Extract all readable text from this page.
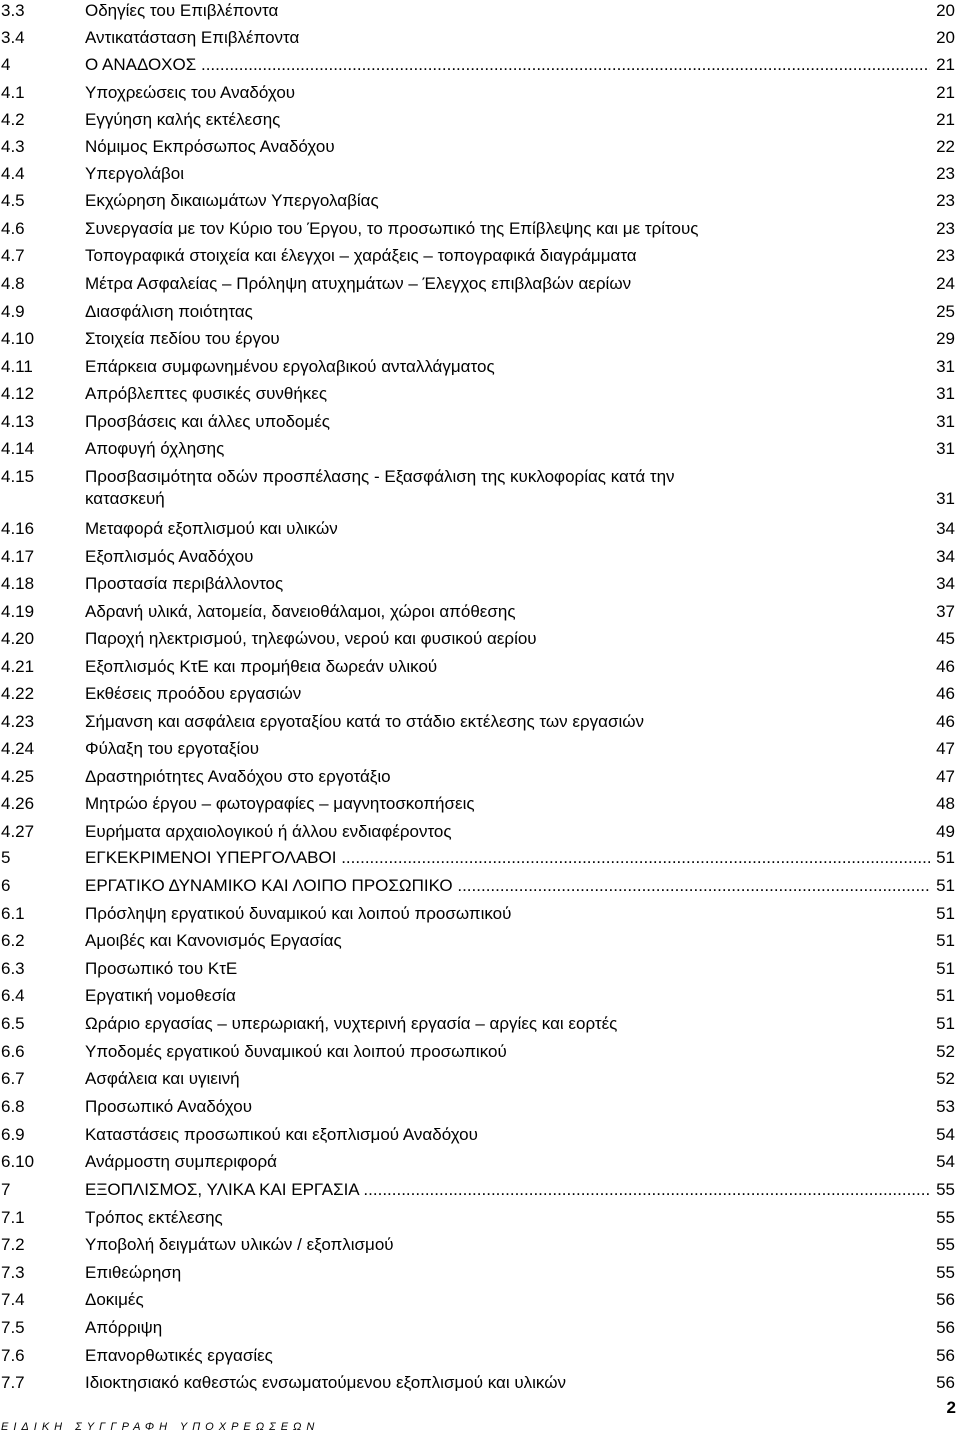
3.3	Οδηγίες του Επιβλέποντα	20
3.4	Αντικατάσταση Επιβλέποντα	20
4	Ο ΑΝΑΔΟΧΟΣ .....	21
4.1	Υποχρεώσεις του Αναδόχου	21
4.2	Εγγύηση καλής εκτέλεσης	21
4.3	Νόμιμος Εκπρόσωπος Αναδόχου	22
4.4	Υπεργολάβοι	23
4.5	Εκχώρηση δικαιωμάτων Υπεργολαβίας	23
4.6	Συνεργασία με τον Κύριο του Έργου, το προσωπικό της Επίβλεψης και με τρίτους	23
4.7	Τοπογραφικά στοιχεία και έλεγχοι – χαράξεις – τοπογραφικά διαγράμματα	23
4.8	Μέτρα Ασφαλείας – Πρόληψη ατυχημάτων – Έλεγχος επιβλαβών αερίων	24
4.9	Διασφάλιση ποιότητας	25
4.10	Στοιχεία πεδίου του έργου	29
4.11	Επάρκεια συμφωνημένου εργολαβικού ανταλλάγματος	31
4.12	Απρόβλεπτες φυσικές συνθήκες	31
4.13	Προσβάσεις και άλλες υποδομές	31
4.14	Αποφυγή όχλησης	31
4.15	Προσβασιμότητα οδών προσπέλασης - Εξασφάλιση της κυκλοφορίας κατά την
κατασκευή	31
4.16	Μεταφορά εξοπλισμού και υλικών	34
4.17	Εξοπλισμός Αναδόχου	34
4.18	Προστασία περιβάλλοντος	34
4.19	Αδρανή υλικά, λατομεία, δανειοθάλαμοι, χώροι απόθεσης	37
4.20	Παροχή ηλεκτρισμού, τηλεφώνου, νερού και φυσικού αερίου	45
4.21	Εξοπλισμός ΚτΕ και προμήθεια δωρεάν υλικού	46
4.22	Εκθέσεις προόδου εργασιών	46
4.23	Σήμανση και ασφάλεια εργοταξίου κατά το στάδιο εκτέλεσης των εργασιών	46
4.24	Φύλαξη του εργοταξίου	47
4.25	Δραστηριότητες Αναδόχου στο εργοτάξιο	47
4.26	Μητρώο έργου – φωτογραφίες – μαγνητοσκοπήσεις	48
4.27	Ευρήματα αρχαιολογικού ή άλλου ενδιαφέροντος	49
5	ΕΓΚΕΚΡΙΜΕΝΟΙ ΥΠΕΡΓΟΛΑΒΟΙ .....	51
6	ΕΡΓΑΤΙΚΟ ΔΥΝΑΜΙΚΟ ΚΑΙ ΛΟΙΠΟ ΠΡΟΣΩΠΙΚΟ .....	51
6.1	Πρόσληψη εργατικού δυναμικού και λοιπού προσωπικού	51
6.2	Αμοιβές και Κανονισμός Εργασίας	51
6.3	Προσωπικό του ΚτΕ	51
6.4	Εργατική νομοθεσία	51
6.5	Ωράριο εργασίας – υπερωριακή, νυχτερινή εργασία – αργίες και εορτές	51
6.6	Υποδομές εργατικού δυναμικού και λοιπού προσωπικού	52
6.7	Ασφάλεια και υγιεινή	52
6.8	Προσωπικό Αναδόχου	53
6.9	Καταστάσεις προσωπικού και εξοπλισμού Αναδόχου	54
6.10	Ανάρμοστη συμπεριφορά	54
7	ΕΞΟΠΛΙΣΜΟΣ, ΥΛΙΚΑ ΚΑΙ ΕΡΓΑΣΙΑ .....	55
7.1	Τρόπος εκτέλεσης	55
7.2	Υποβολή δειγμάτων υλικών / εξοπλισμού	55
7.3	Επιθεώρηση	55
7.4	Δοκιμές	56
7.5	Απόρριψη	56
7.6	Επανορθωτικές εργασίες	56
7.7	Ιδιοκτησιακό καθεστώς ενσωματούμενου εξοπλισμού και υλικών	56
2
ΕΙΔΙΚΗ ΣΥΓΓΡΑΦΗ ΥΠΟΧΡΕΩΣΕΩΝ
